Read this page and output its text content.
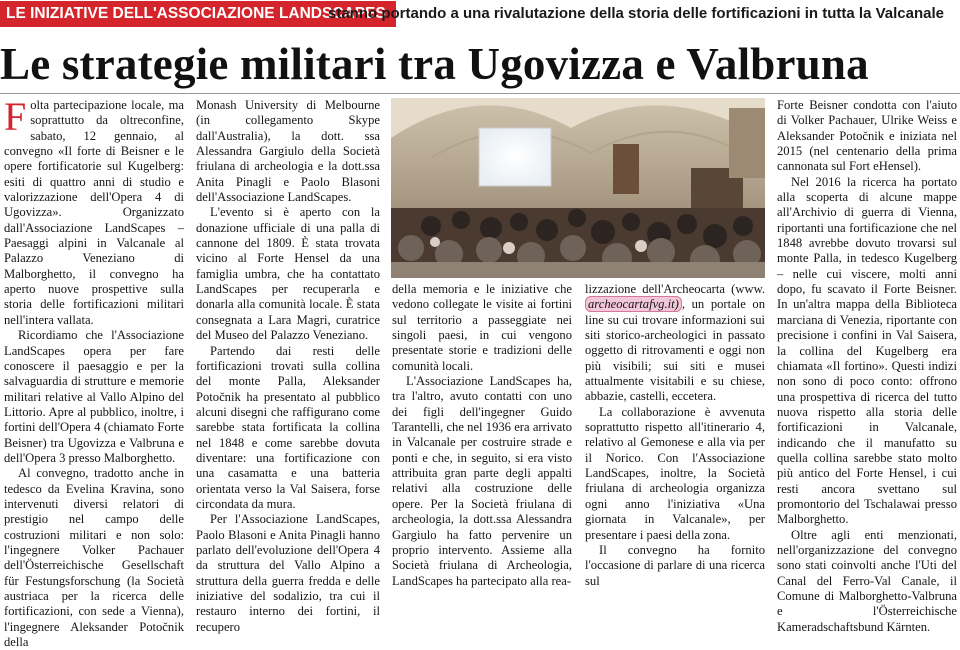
LE INIZIATIVE DELL'ASSOCIAZIONE LANDSCAPES
stanno portando a una rivalutazione della storia delle fortificazioni in tutta la Valcanale
Le strategie militari tra Ugovizza e Valbruna

Folta partecipazione locale, ma soprattutto da oltreconfine, sabato, 12 gennaio, al convegno «Il forte di Beisner e le opere fortificatorie sul Kugelberg: esiti di quattro anni di studio e valorizzazione dell'Opera 4 di Ugovizza». Organizzato dall'Associazione LandScapes – Paesaggi alpini in Valcanale al Palazzo Veneziano di Malborghetto, il convegno ha aperto nuove prospettive sulla storia delle fortificazioni militari nell'intera vallata.

Ricordiamo che l'Associazione LandScapes opera per fare conoscere il paesaggio e per la salvaguardia di strutture e memorie militari relative al Vallo Alpino del Littorio. Apre al pubblico, inoltre, i fortini dell'Opera 4 (chiamato Forte Beisner) tra Ugovizza e Valbruna e dell'Opera 3 presso Malborghetto.

Al convegno, tradotto anche in tedesco da Evelina Kravina, sono intervenuti diversi relatori di prestigio nel campo delle costruzioni militari e non solo: l'ingegnere Volker Pachauer dell'Österreichische Gesellschaft für Festungsforschung (la Società austriaca per la ricerca delle fortificazioni, con sede a Vienna), l'ingegnere Aleksander Potočnik della

Monash University di Melbourne (in collegamento Skype dall'Australia), la dott. ssa Alessandra Gargiulo della Società friulana di archeologia e la dott.ssa Anita Pinagli e Paolo Blasoni dell'Associazione LandScapes.

L'evento si è aperto con la donazione ufficiale di una palla di cannone del 1809. È stata trovata vicino al Forte Hensel da una famiglia umbra, che ha contattato LandScapes per recuperarla e donarla alla comunità locale. È stata consegnata a Lara Magri, curatrice del Museo del Palazzo Veneziano.

Partendo dai resti delle fortificazioni trovati sulla collina del monte Palla, Aleksander Potočnik ha presentato al pubblico alcuni disegni che raffigurano come sarebbe stata fortificata la collina nel 1848 e come sarebbe dovuta diventare: una fortificazione con una casamatta e una batteria orientata verso la Val Saisera, forse circondata da mura.

Per l'Associazione LandScapes, Paolo Blasoni e Anita Pinagli hanno parlato dell'evoluzione dell'Opera 4 da struttura del Vallo Alpino a struttura della guerra fredda e delle iniziative del sodalizio, tra cui il restauro interno dei fortini, il recupero

della memoria e le iniziative che vedono collegate le visite ai fortini sul territorio a passeggiate nei singoli paesi, in cui vengono presentate storie e tradizioni delle comunità locali.

L'Associazione LandScapes ha, tra l'altro, avuto contatti con uno dei figli dell'ingegner Guido Tarantelli, che nel 1936 era arrivato in Valcanale per costruire strade e ponti e che, in seguito, si era visto attribuita gran parte degli appalti relativi alla costruzione delle opere. Per la Società friulana di archeologia, la dott.ssa Alessandra Gargiulo ha fatto pervenire un proprio intervento. Assieme alla Società friulana di Archeologia, LandScapes ha partecipato alla rea-

lizzazione dell'Archeocarta (www. archeocartafvg.it) , un portale on line su cui trovare informazioni sui siti storico-archeologici in passato oggetto di ritrovamenti e oggi non più visibili; sui siti e musei attualmente visitabili e su chiese, abbazie, castelli, eccetera.

La collaborazione è avvenuta soprattutto rispetto all'itinerario 4, relativo al Gemonese e alla via per il Norico. Con l'Associazione LandScapes, inoltre, la Società friulana di archeologia organizza ogni anno l'iniziativa «Una giornata in Valcanale», per presentare i paesi della zona.

Il convegno ha fornito l'occasione di parlare di una ricerca sul

Forte Beisner condotta con l'aiuto di Volker Pachauer, Ulrike Weiss e Aleksander Potočnik e iniziata nel 2015 (nel centenario della prima cannonata sul Fort eHensel).

Nel 2016 la ricerca ha portato alla scoperta di alcune mappe all'Archivio di guerra di Vienna, riportanti una fortificazione che nel 1848 avrebbe dovuto trovarsi sul monte Palla, in tedesco Kugelberg – nelle cui viscere, molti anni dopo, fu scavato il Forte Beisner. In un'altra mappa della Biblioteca marciana di Venezia, riportante con precisione i confini in Val Saisera, la collina del Kugelberg era chiamata «Il fortino». Questi indizi non sono di poco conto: offrono una prospettiva di ricerca del tutto nuova rispetto alla storia delle fortificazioni in Valcanale, indicando che il manufatto su quella collina sarebbe stato molto più antico del Forte Hensel, i cui resti ancora svettano sul promontorio del Tschalawai presso Malborghetto.

Oltre agli enti menzionati, nell'organizzazione del convegno sono stati coinvolti anche l'Uti del Canal del Ferro-Val Canale, il Comune di Malborghetto-Valbruna e l'Österreichische Kameradschaftsbund Kärnten.
